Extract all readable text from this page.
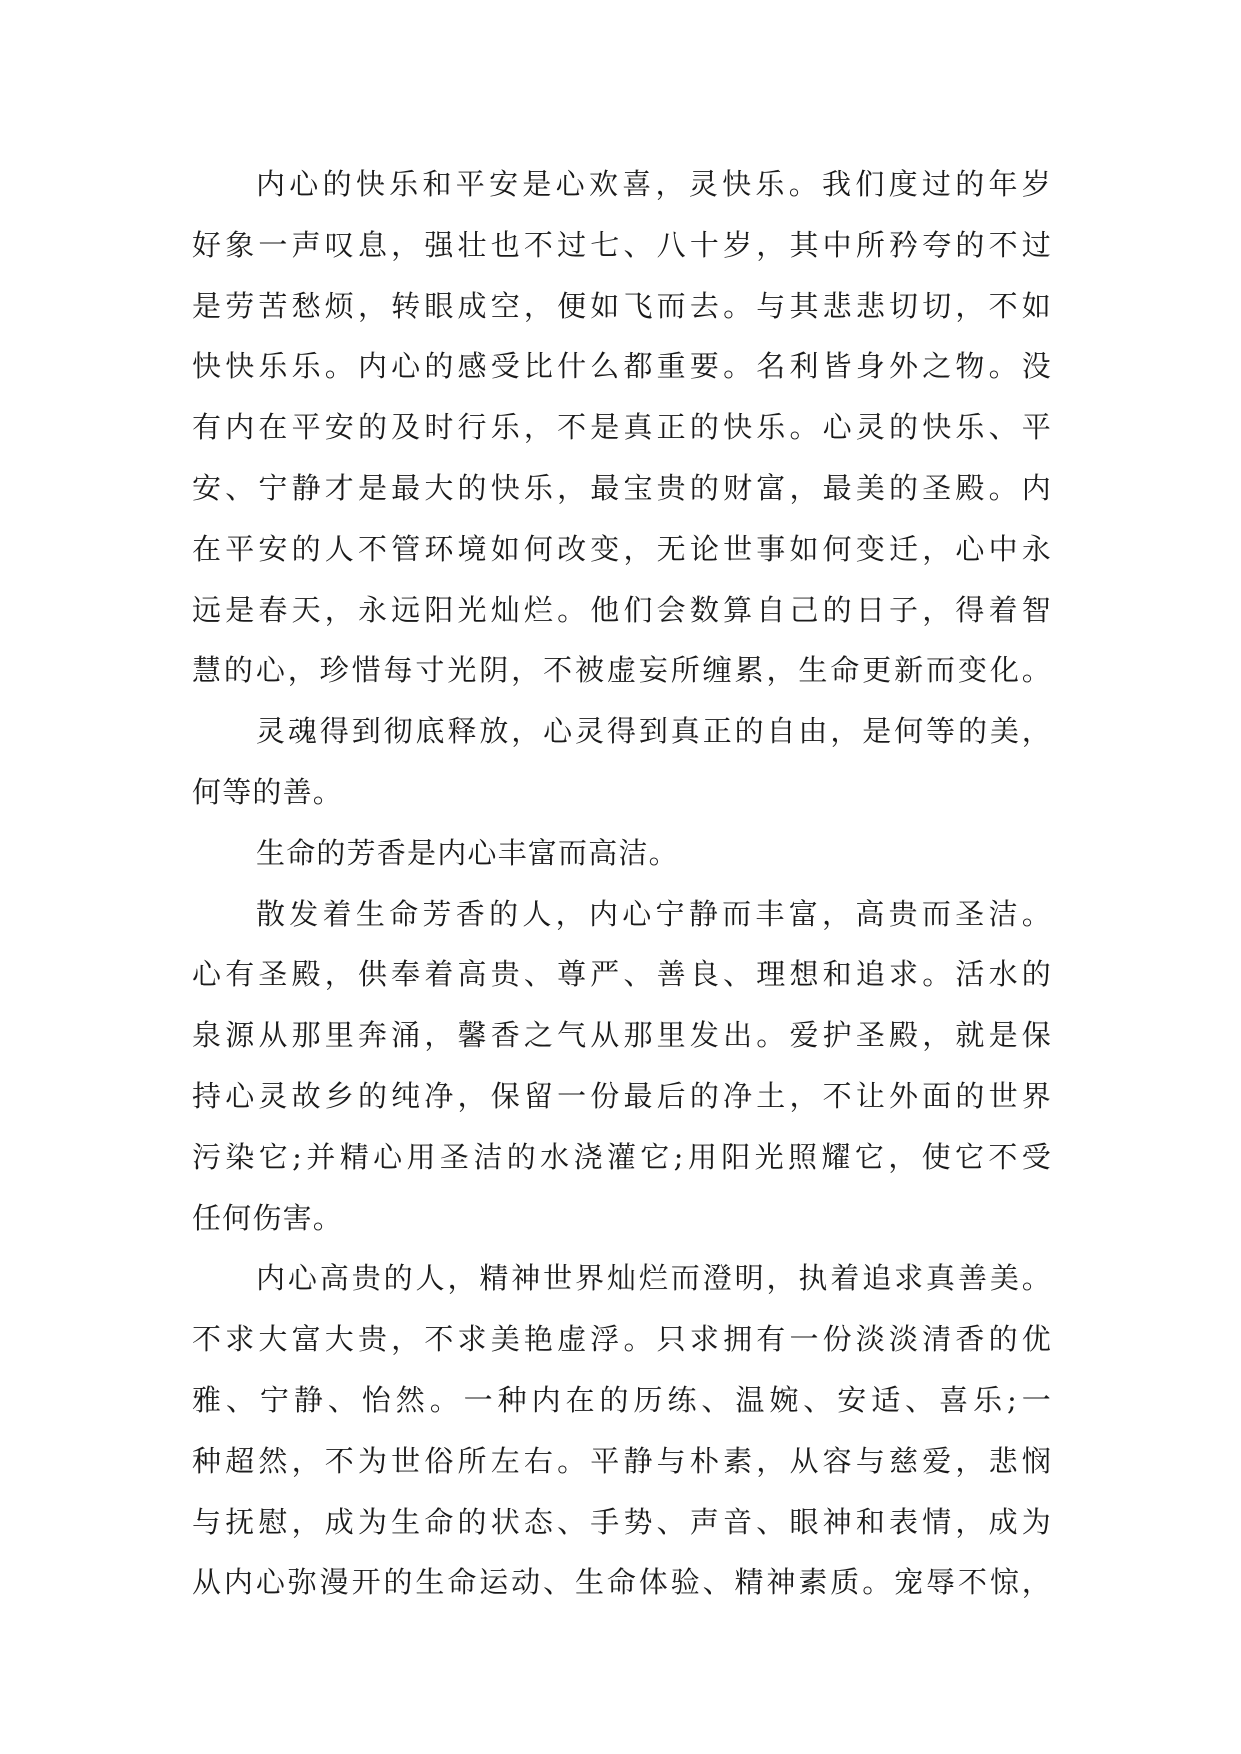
内心的快乐和平安是心欢喜，灵快乐。我们度过的年岁
好象一声叹息，强壮也不过七、八十岁，其中所矜夸的不过
是劳苦愁烦，转眼成空，便如飞而去。与其悲悲切切，不如
快快乐乐。内心的感受比什么都重要。名利皆身外之物。没
有内在平安的及时行乐，不是真正的快乐。心灵的快乐、平
安、宁静才是最大的快乐，最宝贵的财富，最美的圣殿。内
在平安的人不管环境如何改变，无论世事如何变迁，心中永
远是春天，永远阳光灿烂。他们会数算自己的日子，得着智
慧的心，珍惜每寸光阴，不被虚妄所缠累，生命更新而变化。
灵魂得到彻底释放，心灵得到真正的自由，是何等的美，
何等的善。
生命的芳香是内心丰富而高洁。
散发着生命芳香的人，内心宁静而丰富，高贵而圣洁。
心有圣殿，供奉着高贵、尊严、善良、理想和追求。活水的
泉源从那里奔涌，馨香之气从那里发出。爱护圣殿，就是保
持心灵故乡的纯净，保留一份最后的净土，不让外面的世界
污染它;并精心用圣洁的水浇灌它;用阳光照耀它，使它不受
任何伤害。
内心高贵的人，精神世界灿烂而澄明，执着追求真善美。
不求大富大贵，不求美艳虚浮。只求拥有一份淡淡清香的优
雅、宁静、怡然。一种内在的历练、温婉、安适、喜乐;一
种超然，不为世俗所左右。平静与朴素，从容与慈爱，悲悯
与抚慰，成为生命的状态、手势、声音、眼神和表情，成为
从内心弥漫开的生命运动、生命体验、精神素质。宠辱不惊，
